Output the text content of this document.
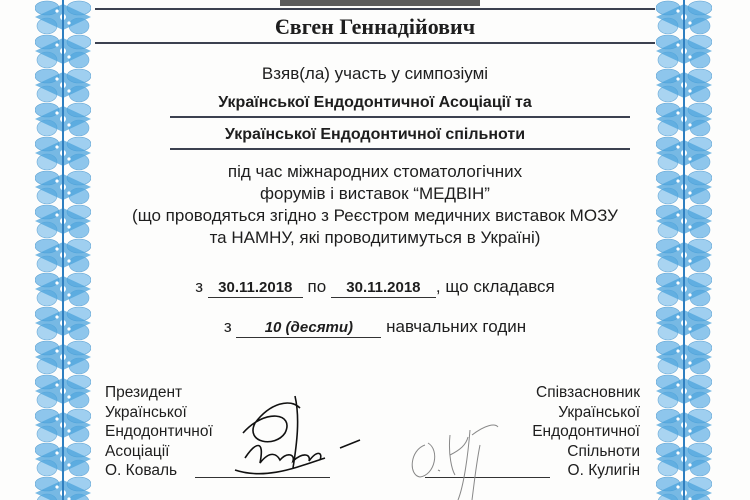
Євген Геннадійович
Взяв(ла) участь у симпозіумі
Української Ендодонтичної Асоціації та
Української Ендодонтичної спільноти
під час міжнародних стоматологічних
форумів і виставок “МЕДВІН”
(що проводяться згідно з Реєстром медичних виставок МОЗУ
та НАМНУ, які проводитимуться в Україні)
з 30.11.2018 по 30.11.2018 , що складався
з 10 (десяти) навчальних годин
Президент
Української
Ендодонтичної
Асоціації
О. Коваль
Співзасновник
Української
Ендодонтичної
Спільноти
О. Кулигін
